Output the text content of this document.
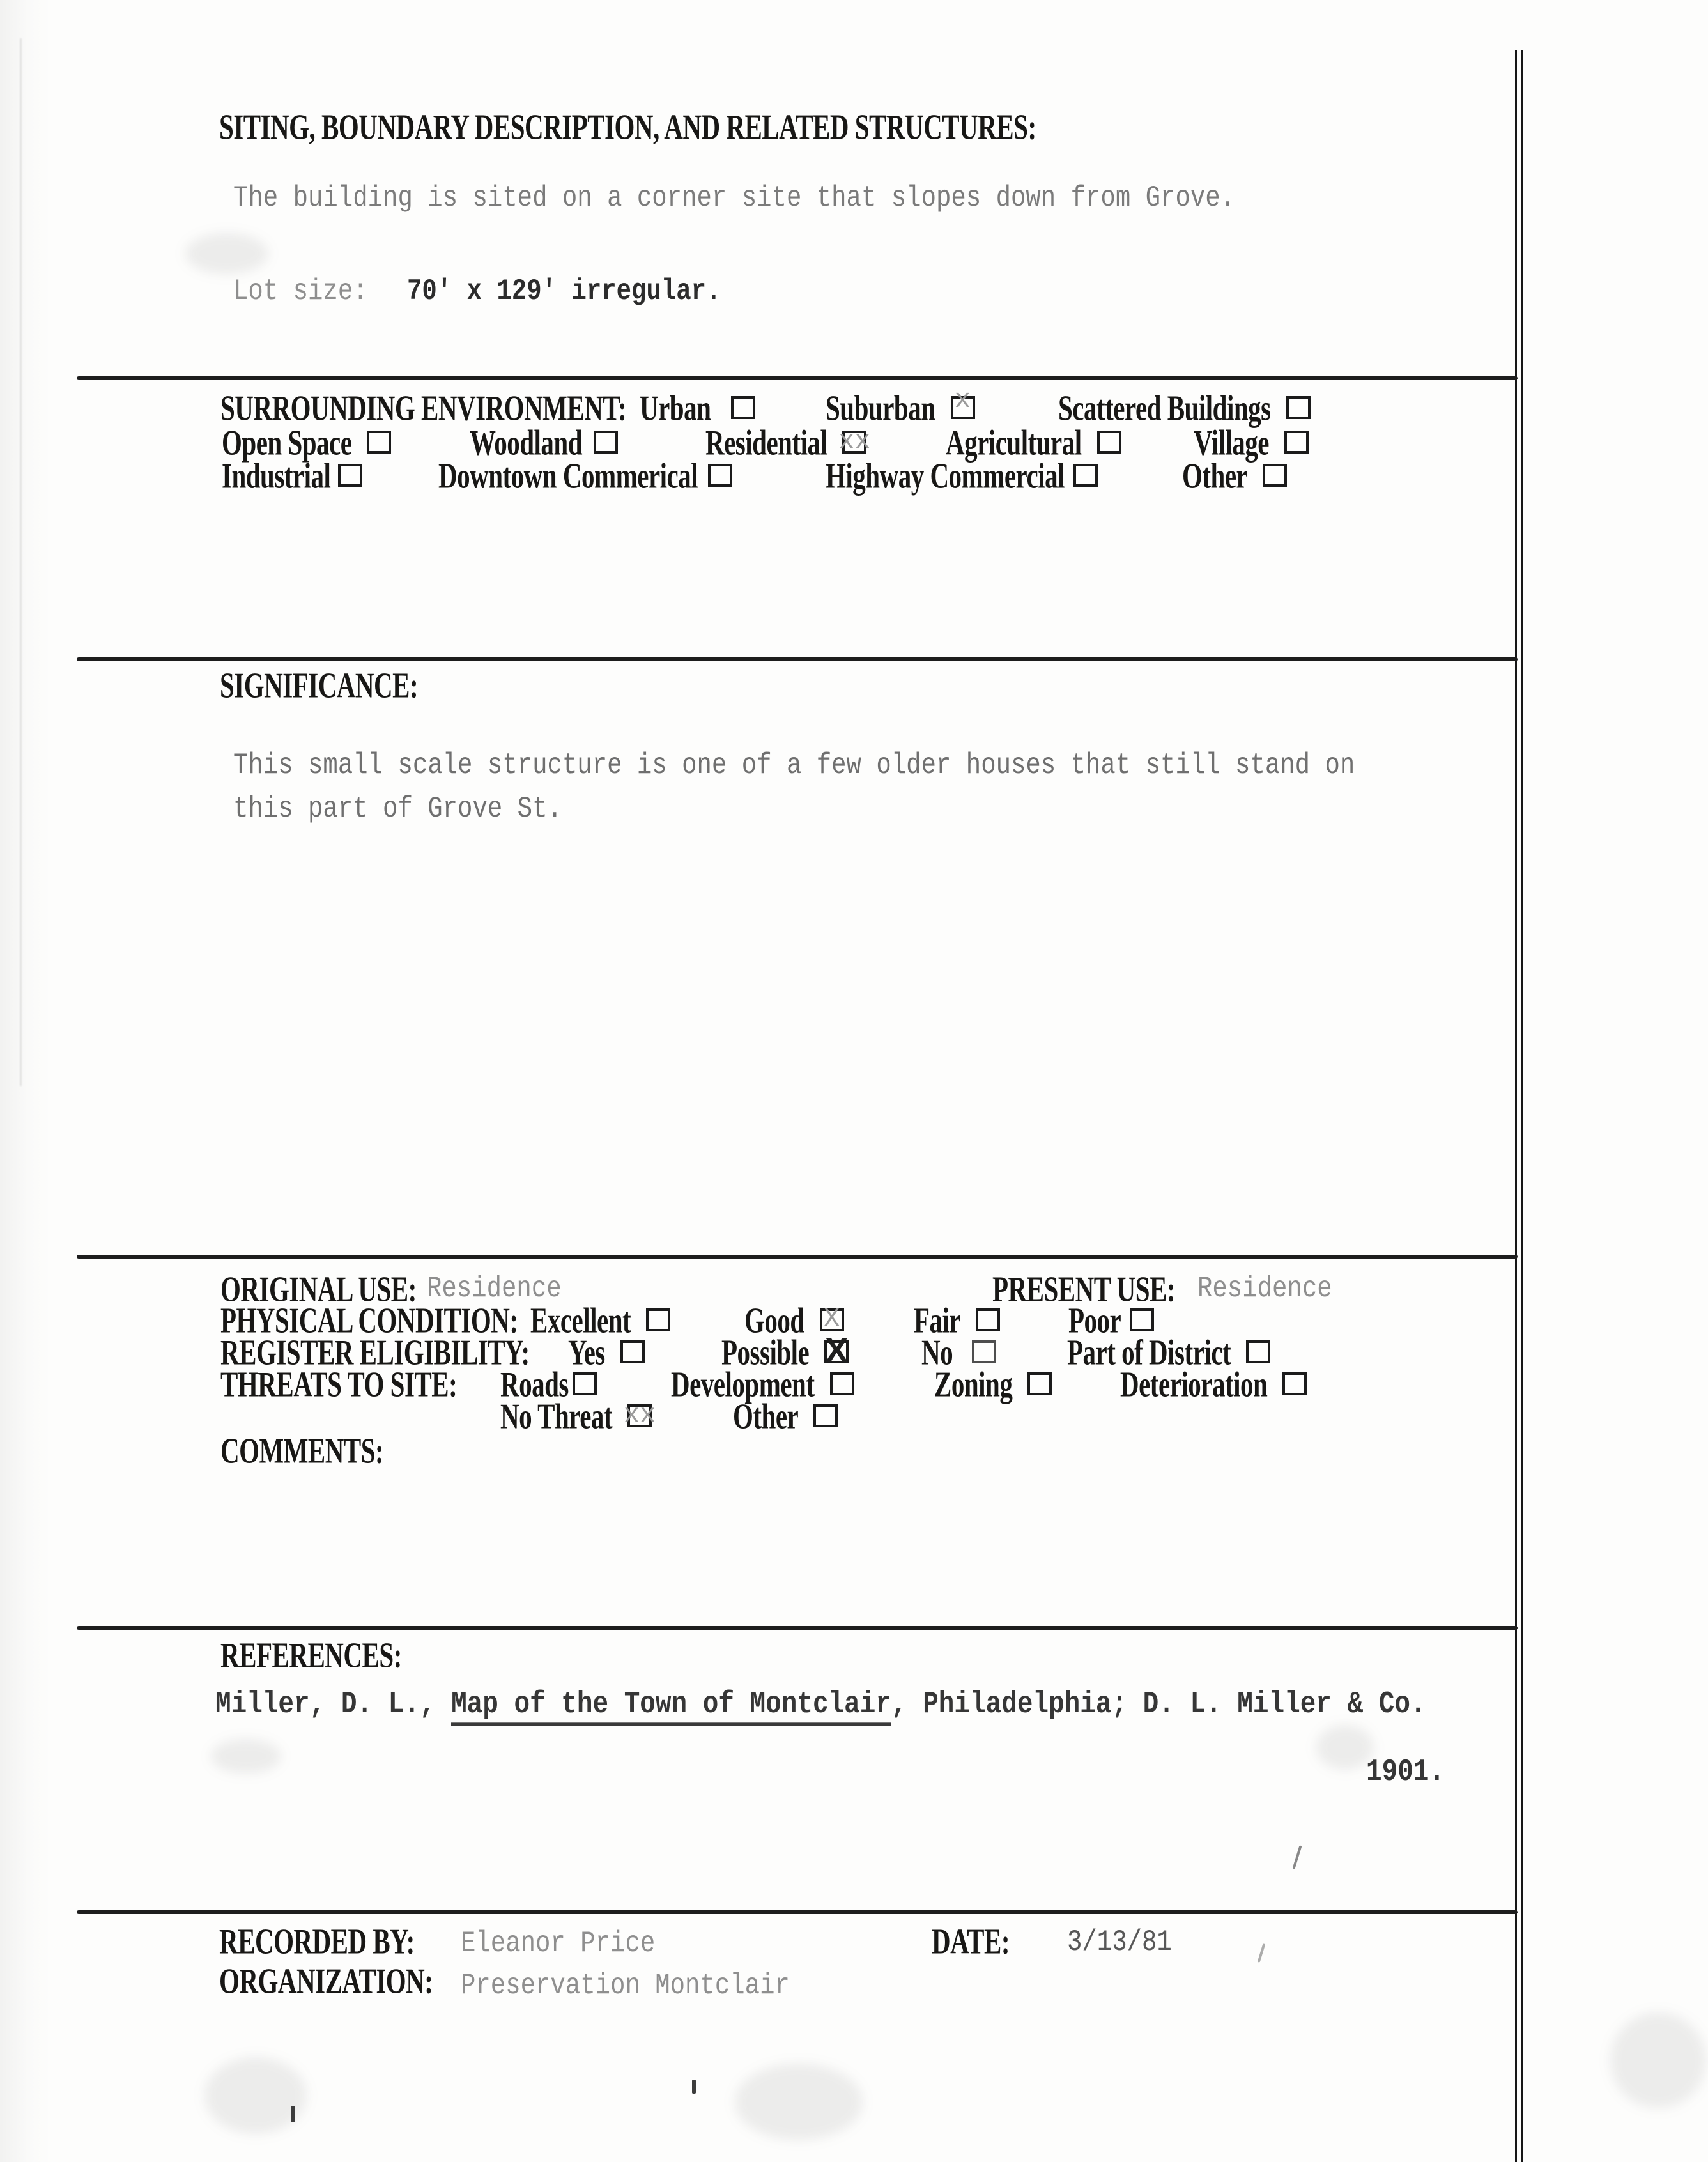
SITING, BOUNDARY DESCRIPTION, AND RELATED STRUCTURES:
The building is sited on a corner site that slopes down from Grove.
Lot size: 70' x 129' irregular.
SURROUNDING ENVIRONMENT: Urban	Suburban x	Scattered Buildings
Open Space	Woodland	Residential xx	Agricultural	Village
Industrial	Downtown Commerical	Highway Commercial	Other
SIGNIFICANCE:
This small scale structure is one of a few older houses that still stand on
this part of Grove St.
ORIGINAL USE: Residence	PRESENT USE: Residence
PHYSICAL CONDITION: Excellent	Good X	Fair	Poor
REGISTER ELIGIBILITY: Yes	Possible X	No	Part of District
THREATS TO SITE: Roads	Development	Zoning	Deterioration
No Threat xx	Other
COMMENTS:
REFERENCES:
Miller, D. L., Map of the Town of Montclair, Philadelphia; D. L. Miller & Co.
1901.
RECORDED BY: Eleanor Price	DATE: 3/13/81
ORGANIZATION: Preservation Montclair
